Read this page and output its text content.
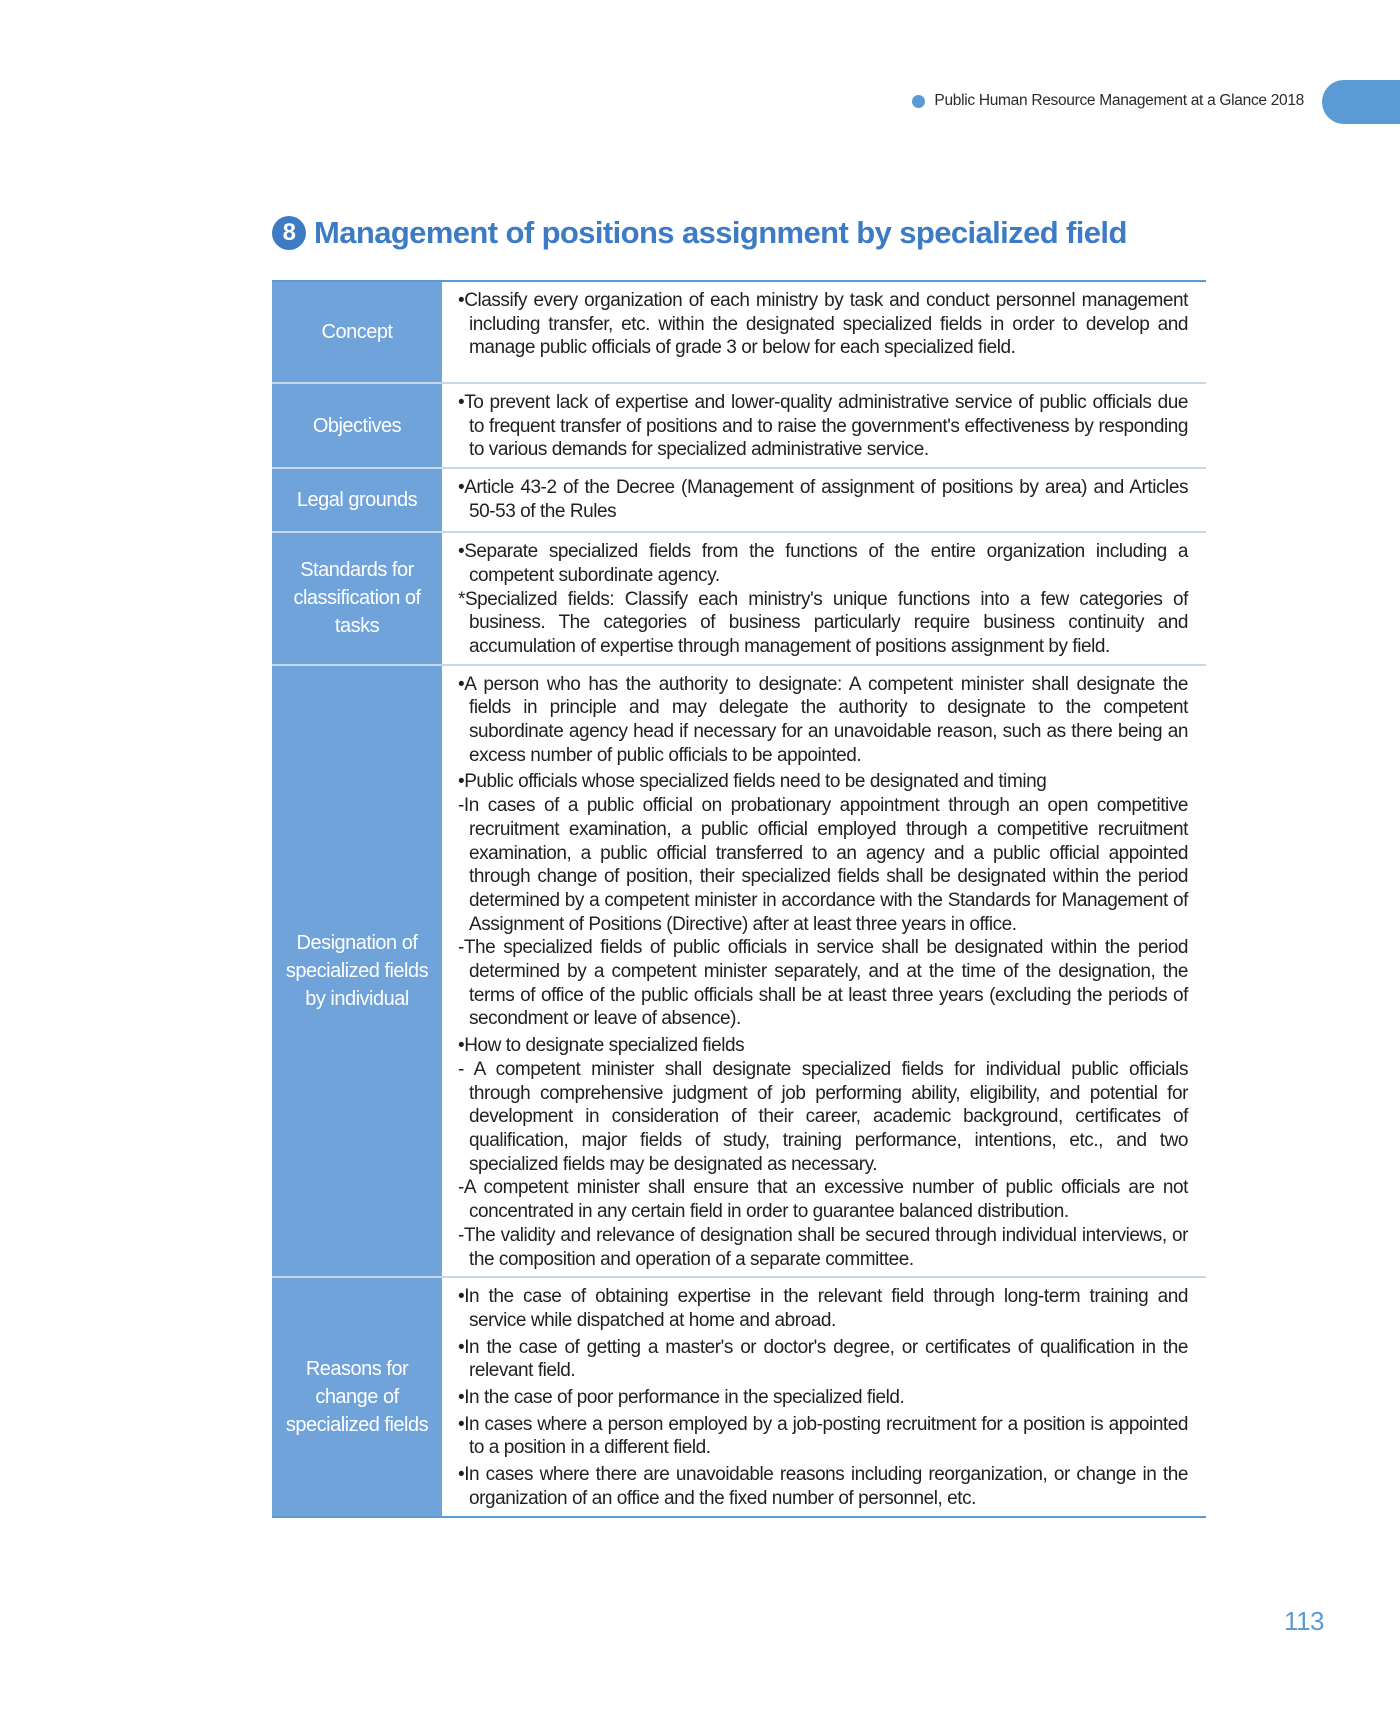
Public Human Resource Management at a Glance 2018
8 Management of positions assignment by specialized field
Concept

•Classify every organization of each ministry by task and conduct personnel management including transfer, etc. within the designated specialized fields in order to develop and manage public officials of grade 3 or below for each specialized field.

Objectives

•To prevent lack of expertise and lower-quality administrative service of public officials due to frequent transfer of positions and to raise the government's effectiveness by responding to various demands for specialized administrative service.

Legal grounds

•Article 43-2 of the Decree (Management of assignment of positions by area) and Articles 50-53 of the Rules

Standards for
classification of
tasks

•Separate specialized fields from the functions of the entire organization including a competent subordinate agency.

*Specialized fields: Classify each ministry's unique functions into a few categories of business. The categories of business particularly require business continuity and accumulation of expertise through management of positions assignment by field.

Designation of
specialized fields
by individual

•A person who has the authority to designate: A competent minister shall designate the fields in principle and may delegate the authority to designate to the competent subordinate agency head if necessary for an unavoidable reason, such as there being an excess number of public officials to be appointed.

•Public officials whose specialized fields need to be designated and timing

-In cases of a public official on probationary appointment through an open competitive recruitment examination, a public official employed through a competitive recruitment examination, a public official transferred to an agency and a public official appointed through change of position, their specialized fields shall be designated within the period determined by a competent minister in accordance with the Standards for Management of Assignment of Positions (Directive) after at least three years in office.

-The specialized fields of public officials in service shall be designated within the period determined by a competent minister separately, and at the time of the designation, the terms of office of the public officials shall be at least three years (excluding the periods of secondment or leave of absence).

•How to designate specialized fields

- A competent minister shall designate specialized fields for individual public officials through comprehensive judgment of job performing ability, eligibility, and potential for development in consideration of their career, academic background, certificates of qualification, major fields of study, training performance, intentions, etc., and two specialized fields may be designated as necessary.

-A competent minister shall ensure that an excessive number of public officials are not concentrated in any certain field in order to guarantee balanced distribution.

-The validity and relevance of designation shall be secured through individual interviews, or the composition and operation of a separate committee.

Reasons for
change of
specialized fields

•In the case of obtaining expertise in the relevant field through long-term training and service while dispatched at home and abroad.

•In the case of getting a master's or doctor's degree, or certificates of qualification in the relevant field.

•In the case of poor performance in the specialized field.

•In cases where a person employed by a job-posting recruitment for a position is appointed to a position in a different field.

•In cases where there are unavoidable reasons including reorganization, or change in the organization of an office and the fixed number of personnel, etc.

113
